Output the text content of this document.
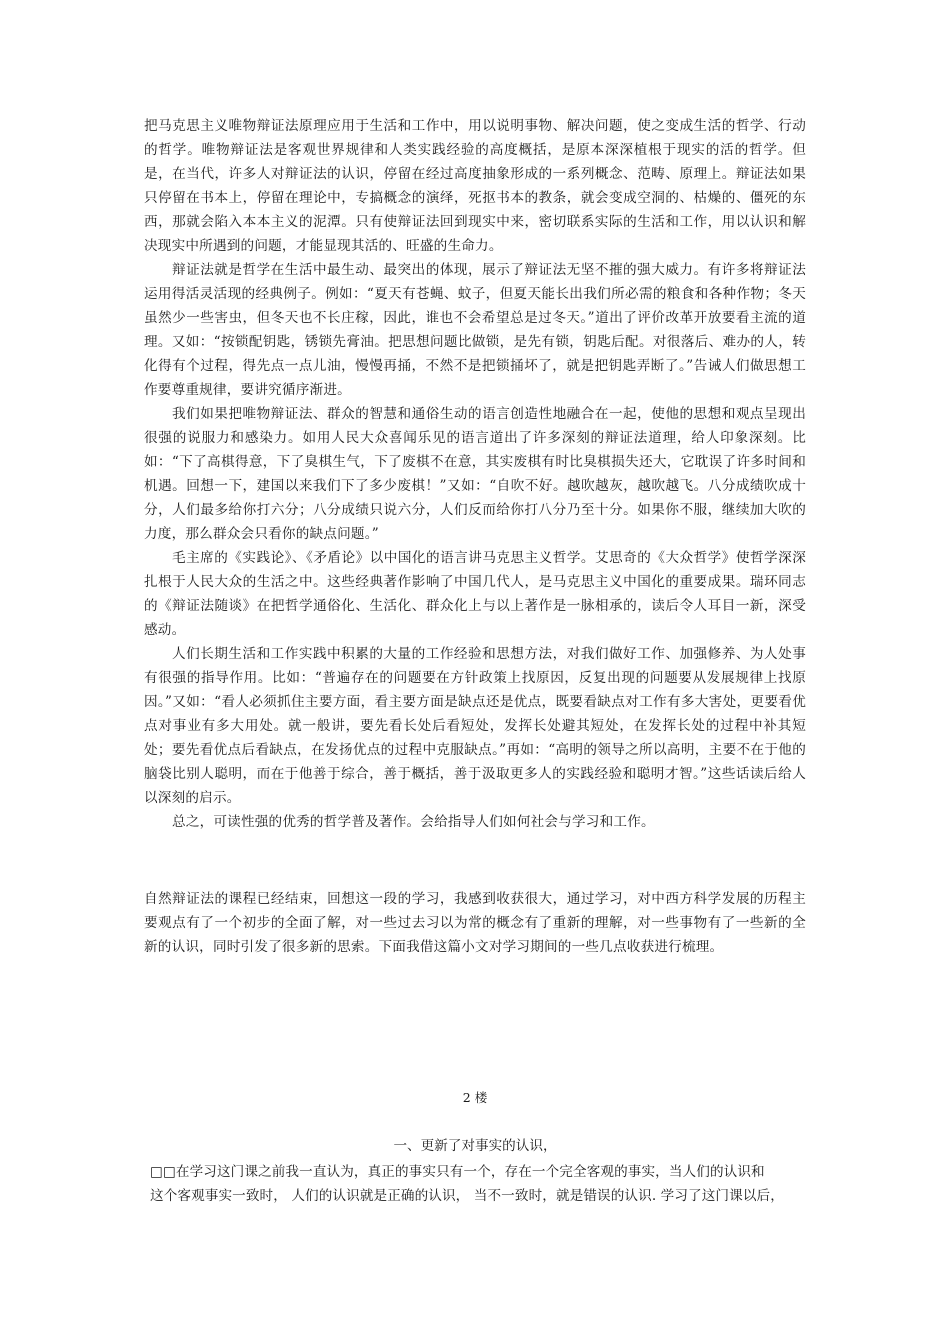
把马克思主义唯物辩证法原理应用于生活和工作中，用以说明事物、解决问题，使之变成生活的哲学、行动的哲学。唯物辩证法是客观世界规律和人类实践经验的高度概括，是原本深深植根于现实的活的哲学。但是，在当代，许多人对辩证法的认识，停留在经过高度抽象形成的一系列概念、范畴、原理上。辩证法如果只停留在书本上，停留在理论中，专搞概念的演绎，死抠书本的教条，就会变成空洞的、枯燥的、僵死的东西，那就会陷入本本主义的泥潭。只有使辩证法回到现实中来，密切联系实际的生活和工作，用以认识和解决现实中所遇到的问题，才能显现其活的、旺盛的生命力。

辩证法就是哲学在生活中最生动、最突出的体现，展示了辩证法无坚不摧的强大威力。有许多将辩证法运用得活灵活现的经典例子。例如：“夏天有苍蝇、蚊子，但夏天能长出我们所必需的粮食和各种作物；冬天虽然少一些害虫，但冬天也不长庄稼，因此，谁也不会希望总是过冬天。”道出了评价改革开放要看主流的道理。又如：“按锁配钥匙，锈锁先膏油。把思想问题比做锁，是先有锁，钥匙后配。对很落后、难办的人，转化得有个过程，得先点一点儿油，慢慢再捅，不然不是把锁捅坏了，就是把钥匙弄断了。”告诫人们做思想工作要尊重规律，要讲究循序渐进。

我们如果把唯物辩证法、群众的智慧和通俗生动的语言创造性地融合在一起，使他的思想和观点呈现出很强的说服力和感染力。如用人民大众喜闻乐见的语言道出了许多深刻的辩证法道理，给人印象深刻。比如：“下了高棋得意，下了臭棋生气，下了废棋不在意，其实废棋有时比臭棋损失还大，它耽误了许多时间和机遇。回想一下，建国以来我们下了多少废棋！”又如：“自吹不好。越吹越灰，越吹越飞。八分成绩吹成十分，人们最多给你打六分；八分成绩只说六分，人们反而给你打八分乃至十分。如果你不服，继续加大吹的力度，那么群众会只看你的缺点问题。”

毛主席的《实践论》、《矛盾论》以中国化的语言讲马克思主义哲学。艾思奇的《大众哲学》使哲学深深扎根于人民大众的生活之中。这些经典著作影响了中国几代人，是马克思主义中国化的重要成果。瑞环同志的《辩证法随谈》在把哲学通俗化、生活化、群众化上与以上著作是一脉相承的，读后令人耳目一新，深受感动。

人们长期生活和工作实践中积累的大量的工作经验和思想方法，对我们做好工作、加强修养、为人处事有很强的指导作用。比如：“普遍存在的问题要在方针政策上找原因，反复出现的问题要从发展规律上找原因。”又如：“看人必须抓住主要方面，看主要方面是缺点还是优点，既要看缺点对工作有多大害处，更要看优点对事业有多大用处。就一般讲，要先看长处后看短处，发挥长处避其短处，在发挥长处的过程中补其短处；要先看优点后看缺点，在发扬优点的过程中克服缺点。”再如：“高明的领导之所以高明，主要不在于他的脑袋比别人聪明，而在于他善于综合，善于概括，善于汲取更多人的实践经验和聪明才智。”这些话读后给人以深刻的启示。

总之，可读性强的优秀的哲学普及著作。会给指导人们如何社会与学习和工作。

自然辩证法的课程已经结束，回想这一段的学习，我感到收获很大，通过学习，对中西方科学发展的历程主要观点有了一个初步的全面了解，对一些过去习以为常的概念有了重新的理解，对一些事物有了一些新的全新的认识，同时引发了很多新的思索。下面我借这篇小文对学习期间的一些几点收获进行梳理。

2 楼
一、更新了对事实的认识，

□□在学习这门课之前我一直认为，真正的事实只有一个，存在一个完全客观的事实，当人们的认识和

这个客观事实一致时， 人们的认识就是正确的认识， 当不一致时，就是错误的认识. 学习了这门课以后，
